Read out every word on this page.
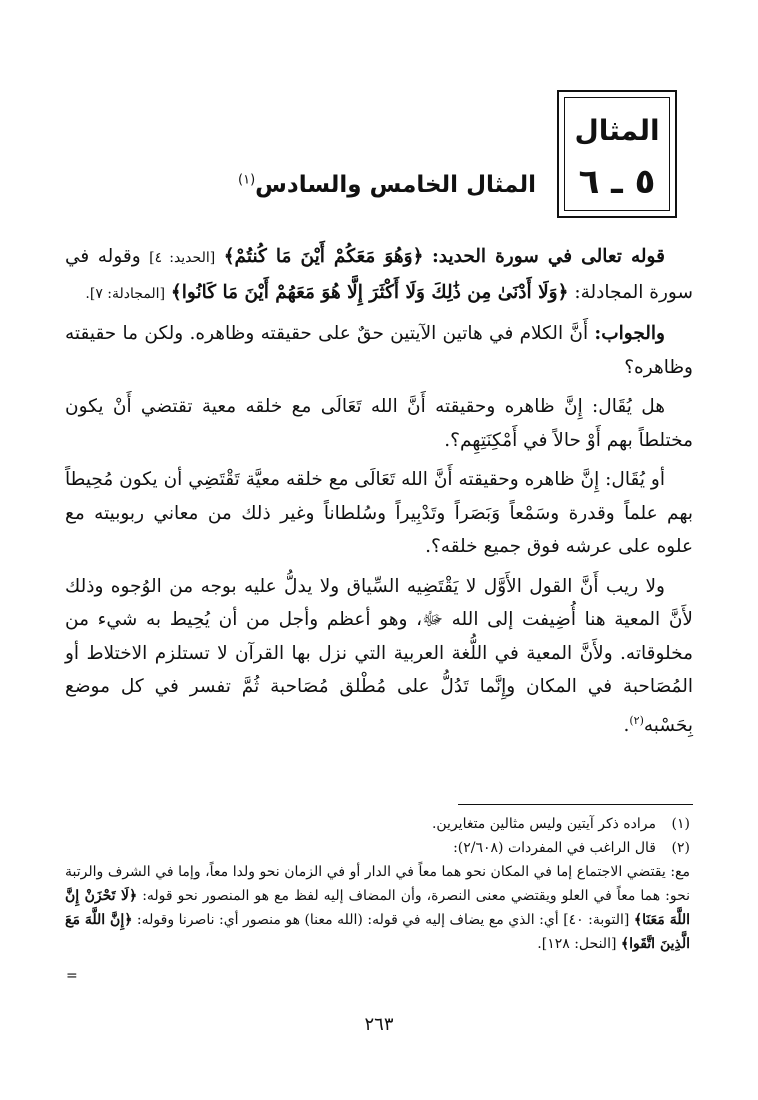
المثال
٥ ـ ٦
المثال الخامس والسادس$^{(١)}$

قوله تعالى في سورة الحديد: ﴿وَهُوَ مَعَكُمْ أَيْنَ مَا كُنتُمْ﴾ [الحديد: ٤] وقوله في سورة المجادلة: ﴿وَلَا أَدْنَىٰ مِن ذَٰلِكَ وَلَا أَكْثَرَ إِلَّا هُوَ مَعَهُمْ أَيْنَ مَا كَانُوا﴾ [المجادلة: ٧].

والجواب: أَنَّ الكلام في هاتين الآيتين حقٌ على حقيقته وظاهره. ولكن ما حقيقته وظاهره؟

هل يُقَال: إِنَّ ظاهره وحقيقته أَنَّ الله تَعَالَى مع خلقه معية تقتضي أَنْ يكون مختلطاً بهم أَوْ حالاً في أَمْكِنَتِهِم؟.

أو يُقَال: إِنَّ ظاهره وحقيقته أَنَّ الله تَعَالَى مع خلقه معيَّة تَقْتَضِي أن يكون مُحِيطاً بهم علماً وقدرة وسَمْعاً وَبَصَراً وتَدْبِيراً وسُلطاناً وغير ذلك من معاني ربوبيته مع علوه على عرشه فوق جميع خلقه؟.

ولا ريب أَنَّ القول الأَوَّل لا يَقْتَضِيه السِّياق ولا يدلُّ عليه بوجه من الوُجوه وذلك لأَنَّ المعية هنا أُضِيفت إلى الله ﷻ، وهو أعظم وأجل من أن يُحِيط به شيء من مخلوقاته. ولأَنَّ المعية في اللُّغة العربية التي نزل بها القرآن لا تستلزم الاختلاط أو المُصَاحبة في المكان وإِنَّما تَدُلُّ على مُطْلق مُصَاحبة ثُمَّ تفسر في كل موضع بِحَسْبه$^{(٢)}$.

(١)مراده ذكر آيتين وليس مثالين متغايرين.

(٢)قال الراغب في المفردات (٢/٦٠٨):

مع: يقتضي الاجتماع إما في المكان نحو هما معاً في الدار أو في الزمان نحو ولدا معاً، وإما في الشرف والرتبة نحو: هما معاً في العلو ويقتضي معنى النصرة، وأن المضاف إليه لفظ مع هو المنصور نحو قوله: ﴿لَا تَحْزَنْ إِنَّ اللَّهَ مَعَنَا﴾ [التوبة: ٤٠] أي: الذي مع يضاف إليه في قوله: (الله معنا) هو منصور أي: ناصرنا وقوله: ﴿إِنَّ اللَّهَ مَعَ الَّذِينَ اتَّقَوا﴾ [النحل: ١٢٨].

=
٢٦٣
